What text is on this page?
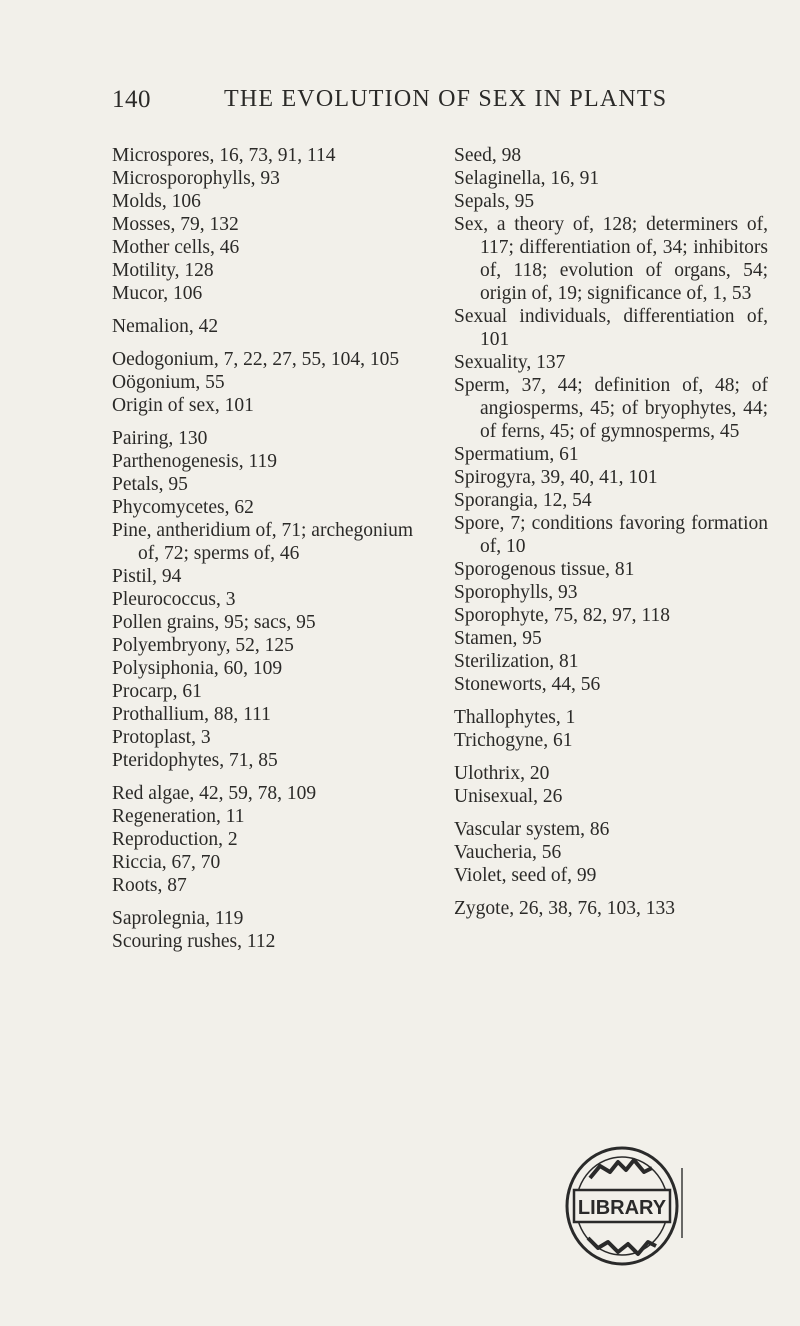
140	THE EVOLUTION OF SEX IN PLANTS
Microspores, 16, 73, 91, 114
Microsporophylls, 93
Molds, 106
Mosses, 79, 132
Mother cells, 46
Motility, 128
Mucor, 106
Nemalion, 42
Oedogonium, 7, 22, 27, 55, 104, 105
Oögonium, 55
Origin of sex, 101
Pairing, 130
Parthenogenesis, 119
Petals, 95
Phycomycetes, 62
Pine, antheridium of, 71; archegonium of, 72; sperms of, 46
Pistil, 94
Pleurococcus, 3
Pollen grains, 95; sacs, 95
Polyembryony, 52, 125
Polysiphonia, 60, 109
Procarp, 61
Prothallium, 88, 111
Protoplast, 3
Pteridophytes, 71, 85
Red algae, 42, 59, 78, 109
Regeneration, 11
Reproduction, 2
Riccia, 67, 70
Roots, 87
Saprolegnia, 119
Scouring rushes, 112
Seed, 98
Selaginella, 16, 91
Sepals, 95
Sex, a theory of, 128; determiners of, 117; differentiation of, 34; inhibitors of, 118; evolution of organs, 54; origin of, 19; significance of, 1, 53
Sexual individuals, differentiation of, 101
Sexuality, 137
Sperm, 37, 44; definition of, 48; of angiosperms, 45; of bryophytes, 44; of ferns, 45; of gymnosperms, 45
Spermatium, 61
Spirogyra, 39, 40, 41, 101
Sporangia, 12, 54
Spore, 7; conditions favoring formation of, 10
Sporogenous tissue, 81
Sporophylls, 93
Sporophyte, 75, 82, 97, 118
Stamen, 95
Sterilization, 81
Stoneworts, 44, 56
Thallophytes, 1
Trichogyne, 61
Ulothrix, 20
Unisexual, 26
Vascular system, 86
Vaucheria, 56
Violet, seed of, 99
Zygote, 26, 38, 76, 103, 133
LIBRARY
